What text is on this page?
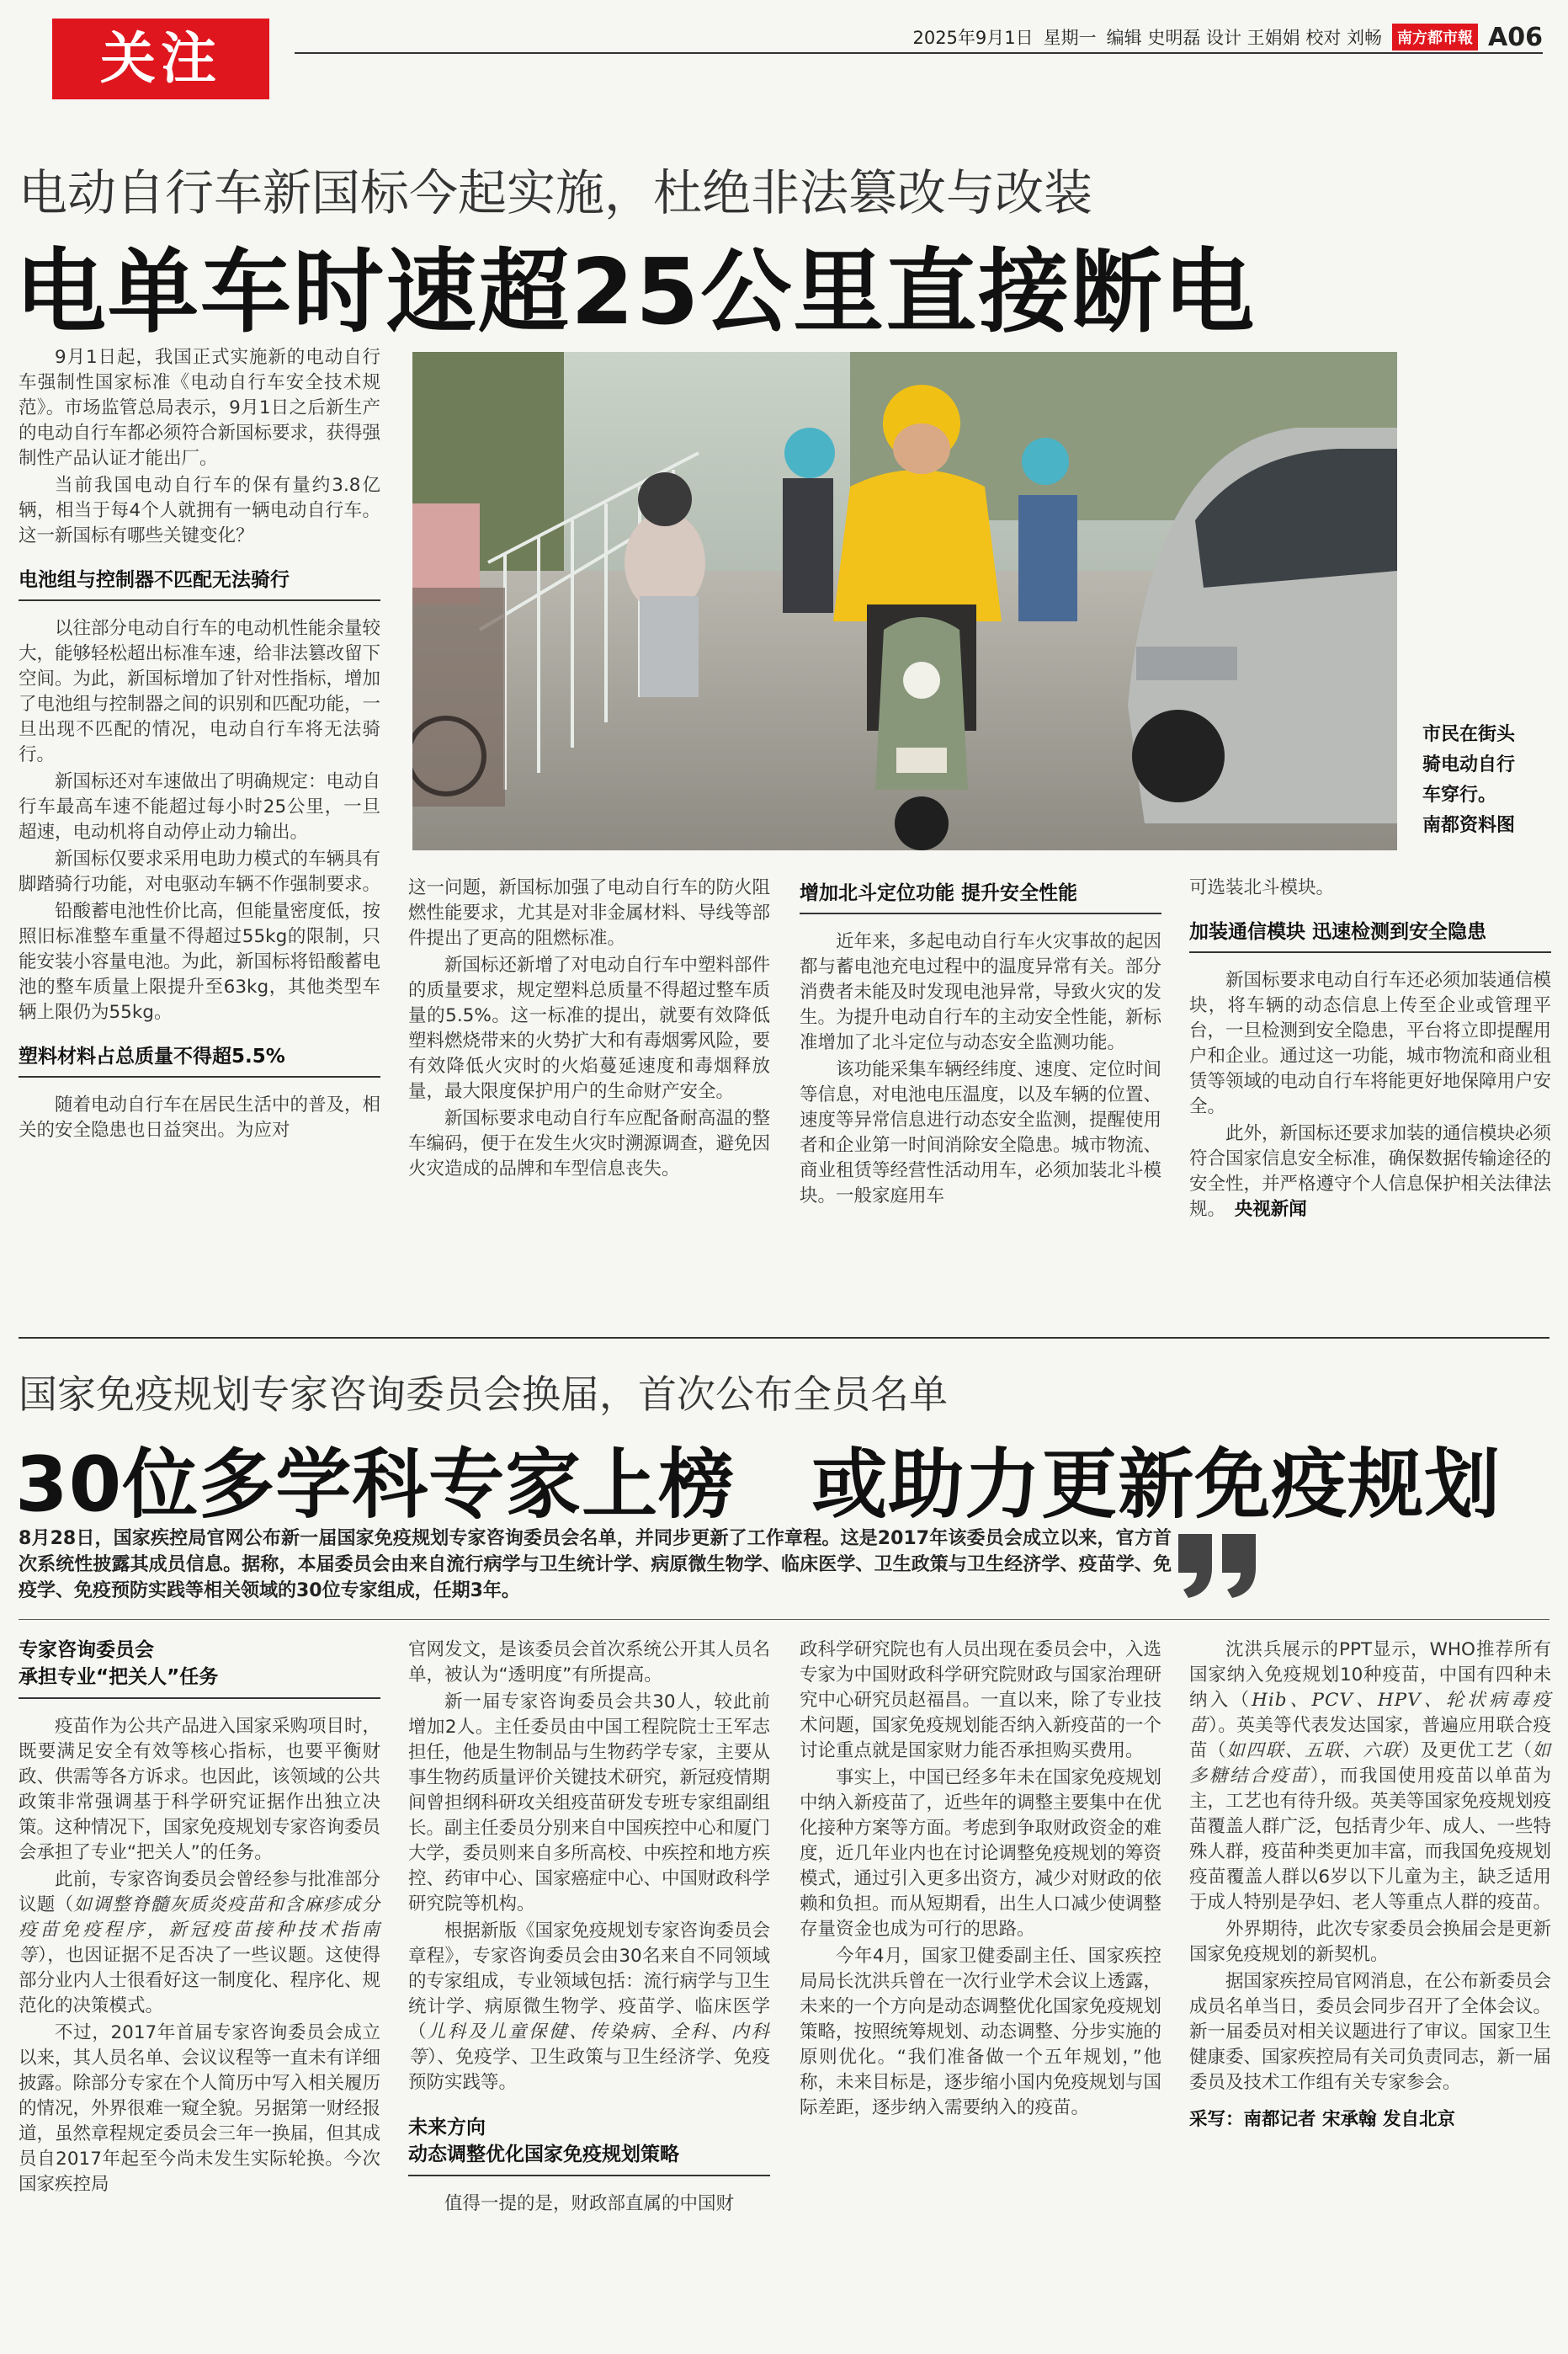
关注	2025年9月1日 星期一 编辑 史明磊 设计 王娟娟 校对 刘畅	南方都市報 A06
电动自行车新国标今起实施，杜绝非法篡改与改装
电单车时速超25公里直接断电

9月1日起，我国正式实施新的电动自行车强制性国家标准《电动自行车安全技术规范》。市场监管总局表示，9月1日之后新生产的电动自行车都必须符合新国标要求，获得强制性产品认证才能出厂。

当前我国电动自行车的保有量约3.8亿辆，相当于每4个人就拥有一辆电动自行车。这一新国标有哪些关键变化？

电池组与控制器不匹配无法骑行

以往部分电动自行车的电动机性能余量较大，能够轻松超出标准车速，给非法篡改留下空间。为此，新国标增加了针对性指标，增加了电池组与控制器之间的识别和匹配功能，一旦出现不匹配的情况，电动自行车将无法骑行。

新国标还对车速做出了明确规定：电动自行车最高车速不能超过每小时25公里，一旦超速，电动机将自动停止动力输出。

新国标仅要求采用电助力模式的车辆具有脚踏骑行功能，对电驱动车辆不作强制要求。

铅酸蓄电池性价比高，但能量密度低，按照旧标准整车重量不得超过55kg的限制，只能安装小容量电池。为此，新国标将铅酸蓄电池的整车质量上限提升至63kg，其他类型车辆上限仍为55kg。

塑料材料占总质量不得超5.5%

随着电动自行车在居民生活中的普及，相关的安全隐患也日益突出。为应对

市民在街头
骑电动自行
车穿行。
南都资料图

这一问题，新国标加强了电动自行车的防火阻燃性能要求，尤其是对非金属材料、导线等部件提出了更高的阻燃标准。

新国标还新增了对电动自行车中塑料部件的质量要求，规定塑料总质量不得超过整车质量的5.5%。这一标准的提出，就要有效降低塑料燃烧带来的火势扩大和有毒烟雾风险，要有效降低火灾时的火焰蔓延速度和毒烟释放量，最大限度保护用户的生命财产安全。

新国标要求电动自行车应配备耐高温的整车编码，便于在发生火灾时溯源调查，避免因火灾造成的品牌和车型信息丧失。

增加北斗定位功能 提升安全性能

近年来，多起电动自行车火灾事故的起因都与蓄电池充电过程中的温度异常有关。部分消费者未能及时发现电池异常，导致火灾的发生。为提升电动自行车的主动安全性能，新标准增加了北斗定位与动态安全监测功能。

该功能采集车辆经纬度、速度、定位时间等信息，对电池电压温度，以及车辆的位置、速度等异常信息进行动态安全监测，提醒使用者和企业第一时间消除安全隐患。城市物流、商业租赁等经营性活动用车，必须加装北斗模块。一般家庭用车

可选装北斗模块。

加装通信模块 迅速检测到安全隐患

新国标要求电动自行车还必须加装通信模块，将车辆的动态信息上传至企业或管理平台，一旦检测到安全隐患，平台将立即提醒用户和企业。通过这一功能，城市物流和商业租赁等领域的电动自行车将能更好地保障用户安全。

此外，新国标还要求加装的通信模块必须符合国家信息安全标准，确保数据传输途径的安全性，并严格遵守个人信息保护相关法律法规。　 央视新闻

国家免疫规划专家咨询委员会换届，首次公布全员名单
30位多学科专家上榜　或助力更新免疫规划
8月28日，国家疾控局官网公布新一届国家免疫规划专家咨询委员会名单，并同步更新了工作章程。这是2017年该委员会成立以来，官方首次系统性披露其成员信息。据称，本届委员会由来自流行病学与卫生统计学、病原微生物学、临床医学、卫生政策与卫生经济学、疫苗学、免疫学、免疫预防实践等相关领域的30位专家组成，任期3年。
专家咨询委员会
承担专业“把关人”任务

疫苗作为公共产品进入国家采购项目时，既要满足安全有效等核心指标，也要平衡财政、供需等各方诉求。也因此，该领域的公共政策非常强调基于科学研究证据作出独立决策。这种情况下，国家免疫规划专家咨询委员会承担了专业“把关人”的任务。

此前，专家咨询委员会曾经参与批准部分议题（如调整脊髓灰质炎疫苗和含麻疹成分疫苗免疫程序，新冠疫苗接种技术指南等），也因证据不足否决了一些议题。这使得部分业内人士很看好这一制度化、程序化、规范化的决策模式。

不过，2017年首届专家咨询委员会成立以来，其人员名单、会议议程等一直未有详细披露。除部分专家在个人简历中写入相关履历的情况，外界很难一窥全貌。另据第一财经报道，虽然章程规定委员会三年一换届，但其成员自2017年起至今尚未发生实际轮换。今次国家疾控局

官网发文，是该委员会首次系统公开其人员名单，被认为“透明度”有所提高。

新一届专家咨询委员会共30人，较此前增加2人。主任委员由中国工程院院士王军志担任，他是生物制品与生物药学专家，主要从事生物药质量评价关键技术研究，新冠疫情期间曾担纲科研攻关组疫苗研发专班专家组副组长。副主任委员分别来自中国疾控中心和厦门大学，委员则来自多所高校、中疾控和地方疾控、药审中心、国家癌症中心、中国财政科学研究院等机构。

根据新版《国家免疫规划专家咨询委员会章程》，专家咨询委员会由30名来自不同领域的专家组成，专业领域包括：流行病学与卫生统计学、病原微生物学、疫苗学、临床医学（儿科及儿童保健、传染病、全科、内科等）、免疫学、卫生政策与卫生经济学、免疫预防实践等。

未来方向
动态调整优化国家免疫规划策略

值得一提的是，财政部直属的中国财

政科学研究院也有人员出现在委员会中，入选专家为中国财政科学研究院财政与国家治理研究中心研究员赵福昌。一直以来，除了专业技术问题，国家免疫规划能否纳入新疫苗的一个讨论重点就是国家财力能否承担购买费用。

事实上，中国已经多年未在国家免疫规划中纳入新疫苗了，近些年的调整主要集中在优化接种方案等方面。考虑到争取财政资金的难度，近几年业内也在讨论调整免疫规划的筹资模式，通过引入更多出资方，减少对财政的依赖和负担。而从短期看，出生人口减少使调整存量资金也成为可行的思路。

今年4月，国家卫健委副主任、国家疾控局局长沈洪兵曾在一次行业学术会议上透露，未来的一个方向是动态调整优化国家免疫规划策略，按照统筹规划、动态调整、分步实施的原则优化。“我们准备做一个五年规划，”他称，未来目标是，逐步缩小国内免疫规划与国际差距，逐步纳入需要纳入的疫苗。

沈洪兵展示的PPT显示，WHO推荐所有国家纳入免疫规划10种疫苗，中国有四种未纳入（Hib、PCV、HPV、轮状病毒疫苗）。英美等代表发达国家，普遍应用联合疫苗（如四联、五联、六联）及更优工艺（如多糖结合疫苗），而我国使用疫苗以单苗为主，工艺也有待升级。英美等国家免疫规划疫苗覆盖人群广泛，包括青少年、成人、一些特殊人群，疫苗种类更加丰富，而我国免疫规划疫苗覆盖人群以6岁以下儿童为主，缺乏适用于成人特别是孕妇、老人等重点人群的疫苗。

外界期待，此次专家委员会换届会是更新国家免疫规划的新契机。

据国家疾控局官网消息，在公布新委员会成员名单当日，委员会同步召开了全体会议。新一届委员对相关议题进行了审议。国家卫生健康委、国家疾控局有关司负责同志，新一届委员及技术工作组有关专家参会。

采写：南都记者 宋承翰 发自北京
